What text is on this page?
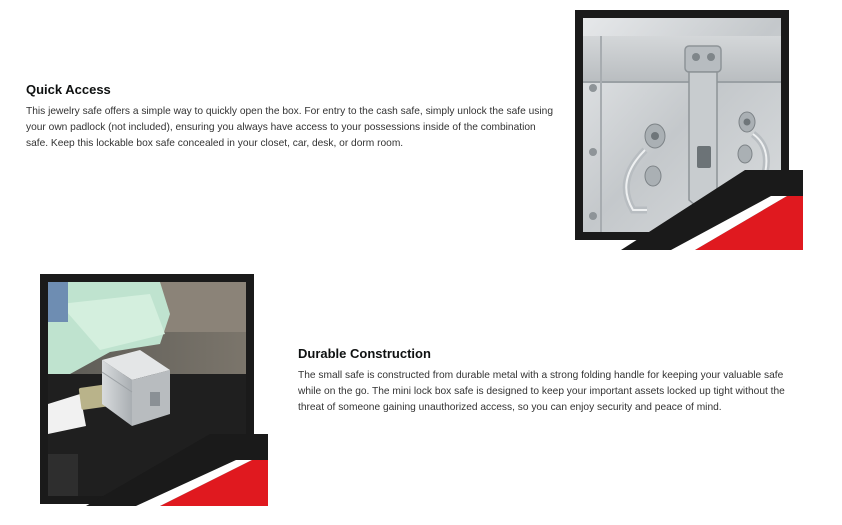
Quick Access

This jewelry safe offers a simple way to quickly open the box. For entry to the cash safe, simply unlock the safe using your own padlock (not included), ensuring you always have access to your possessions inside of the combination safe. Keep this lockable box safe concealed in your closet, car, desk, or dorm room.

Durable Construction

The small safe is constructed from durable metal with a strong folding handle for keeping your valuable safe while on the go. The mini lock box safe is designed to keep your important assets locked up tight without the threat of someone gaining unauthorized access, so you can enjoy security and peace of mind.
